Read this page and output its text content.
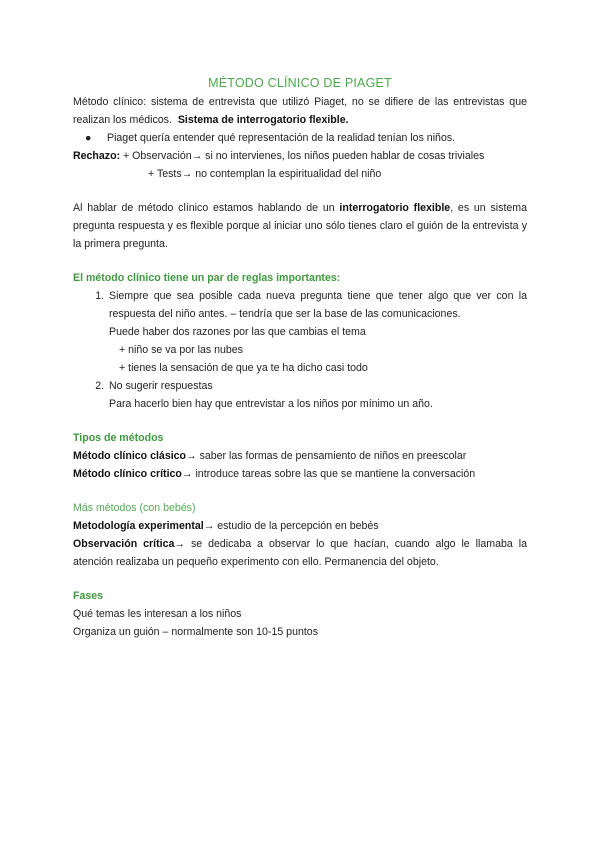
MÉTODO CLÍNICO DE PIAGET
Método clínico: sistema de entrevista que utilizó Piaget, no se difiere de las entrevistas que realizan los médicos. Sistema de interrogatorio flexible.
● Piaget quería entender qué representación de la realidad tenían los niños.
Rechazo: + Observación→ si no intervienes, los niños pueden hablar de cosas triviales
+ Tests→ no contemplan la espiritualidad del niño
Al hablar de método clínico estamos hablando de un interrogatorio flexible, es un sistema pregunta respuesta y es flexible porque al iniciar uno sólo tienes claro el guión de la entrevista y la primera pregunta.
El método clínico tiene un par de reglas importantes:
1. Siempre que sea posible cada nueva pregunta tiene que tener algo que ver con la respuesta del niño antes. – tendría que ser la base de las comunicaciones.
Puede haber dos razones por las que cambias el tema
+ niño se va por las nubes
+ tienes la sensación de que ya te ha dicho casi todo
2. No sugerir respuestas
Para hacerlo bien hay que entrevistar a los niños por mínimo un año.
Tipos de métodos
Método clínico clásico→ saber las formas de pensamiento de niños en preescolar
Método clínico crítico→ introduce tareas sobre las que se mantiene la conversación
Más métodos (con bebés)
Metodología experimental→ estudio de la percepción en bebés
Observación crítica→ se dedicaba a observar lo que hacían, cuando algo le llamaba la atención realizaba un pequeño experimento con ello. Permanencia del objeto.
Fases
Qué temas les interesan a los niños
Organiza un guión – normalmente son 10-15 puntos
